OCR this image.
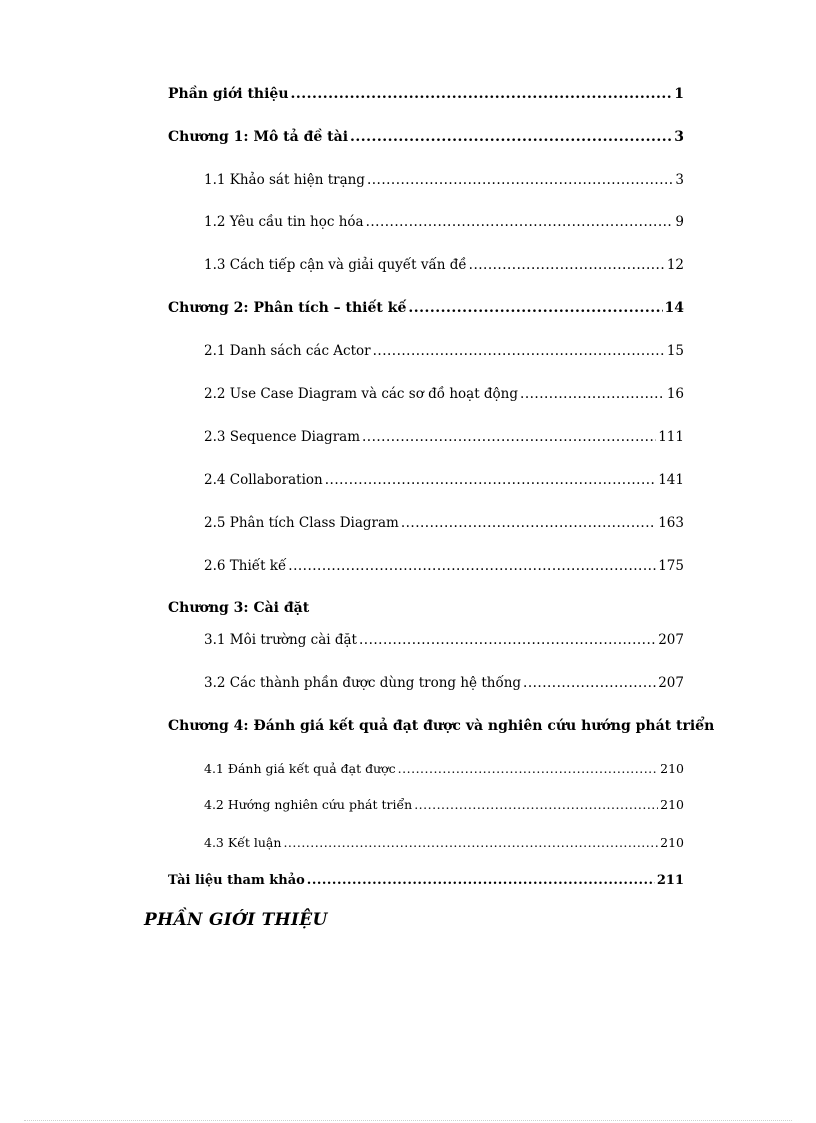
Phần giới thiệu .....	1
Chương 1: Mô tả đề tài .....	3
1.1 Khảo sát hiện trạng .....	3
1.2 Yêu cầu tin học hóa .....	9
1.3 Cách tiếp cận và giải quyết vấn đề .....	12
Chương 2: Phân tích – thiết kế .....	14
2.1 Danh sách các Actor .....	15
2.2 Use Case Diagram và các sơ đồ hoạt động .....	16
2.3 Sequence Diagram .....	111
2.4 Collaboration .....	141
2.5 Phân tích Class Diagram .....	163
2.6 Thiết kế .....	175
Chương 3: Cài đặt
3.1 Môi trường cài đặt .....	207
3.2 Các thành phần được dùng trong hệ thống .....	207
Chương 4: Đánh giá kết quả đạt được và nghiên cứu hướng phát triển
4.1 Đánh giá kết quả đạt được .....	210
4.2 Hướng nghiên cứu phát triển .....	210
4.3 Kết luận .....	210
Tài liệu tham khảo .....	211
PHẦN GIỚI THIỆU
